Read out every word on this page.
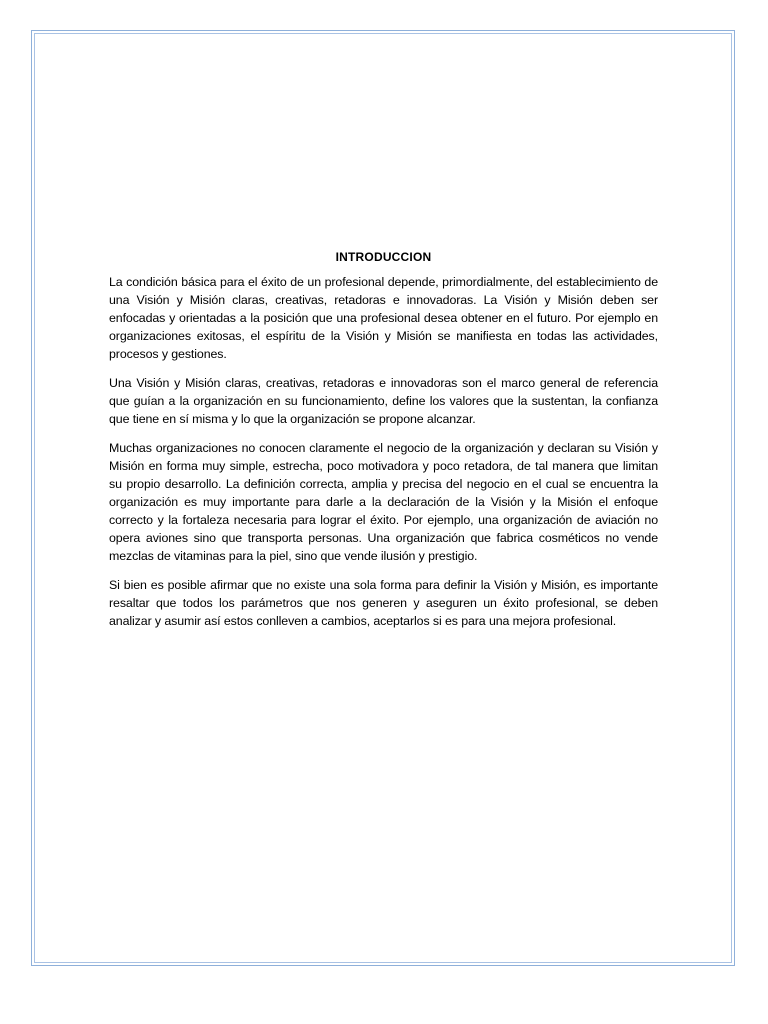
INTRODUCCION

La condición básica para el éxito de un profesional depende, primordialmente, del establecimiento de una Visión y Misión claras, creativas, retadoras e innovadoras. La Visión y Misión deben ser enfocadas y orientadas a la posición que una profesional desea obtener en el futuro. Por ejemplo en organizaciones exitosas, el espíritu de la Visión y Misión se manifiesta en todas las actividades, procesos y gestiones.

Una Visión y Misión claras, creativas, retadoras e innovadoras son el marco general de referencia que guían a la organización en su funcionamiento, define los valores que la sustentan, la confianza que tiene en sí misma y lo que la organización se propone alcanzar.

Muchas organizaciones no conocen claramente el negocio de la organización y declaran su Visión y Misión en forma muy simple, estrecha, poco motivadora y poco retadora, de tal manera que limitan su propio desarrollo. La definición correcta, amplia y precisa del negocio en el cual se encuentra la organización es muy importante para darle a la declaración de la Visión y la Misión el enfoque correcto y la fortaleza necesaria para lograr el éxito. Por ejemplo, una organización de aviación no opera aviones sino que transporta personas. Una organización que fabrica cosméticos no vende mezclas de vitaminas para la piel, sino que vende ilusión y prestigio.

Si bien es posible afirmar que no existe una sola forma para definir la Visión y Misión, es importante resaltar que todos los parámetros que nos generen y aseguren un éxito profesional, se deben analizar y asumir así estos conlleven a cambios, aceptarlos si es para una mejora profesional.
